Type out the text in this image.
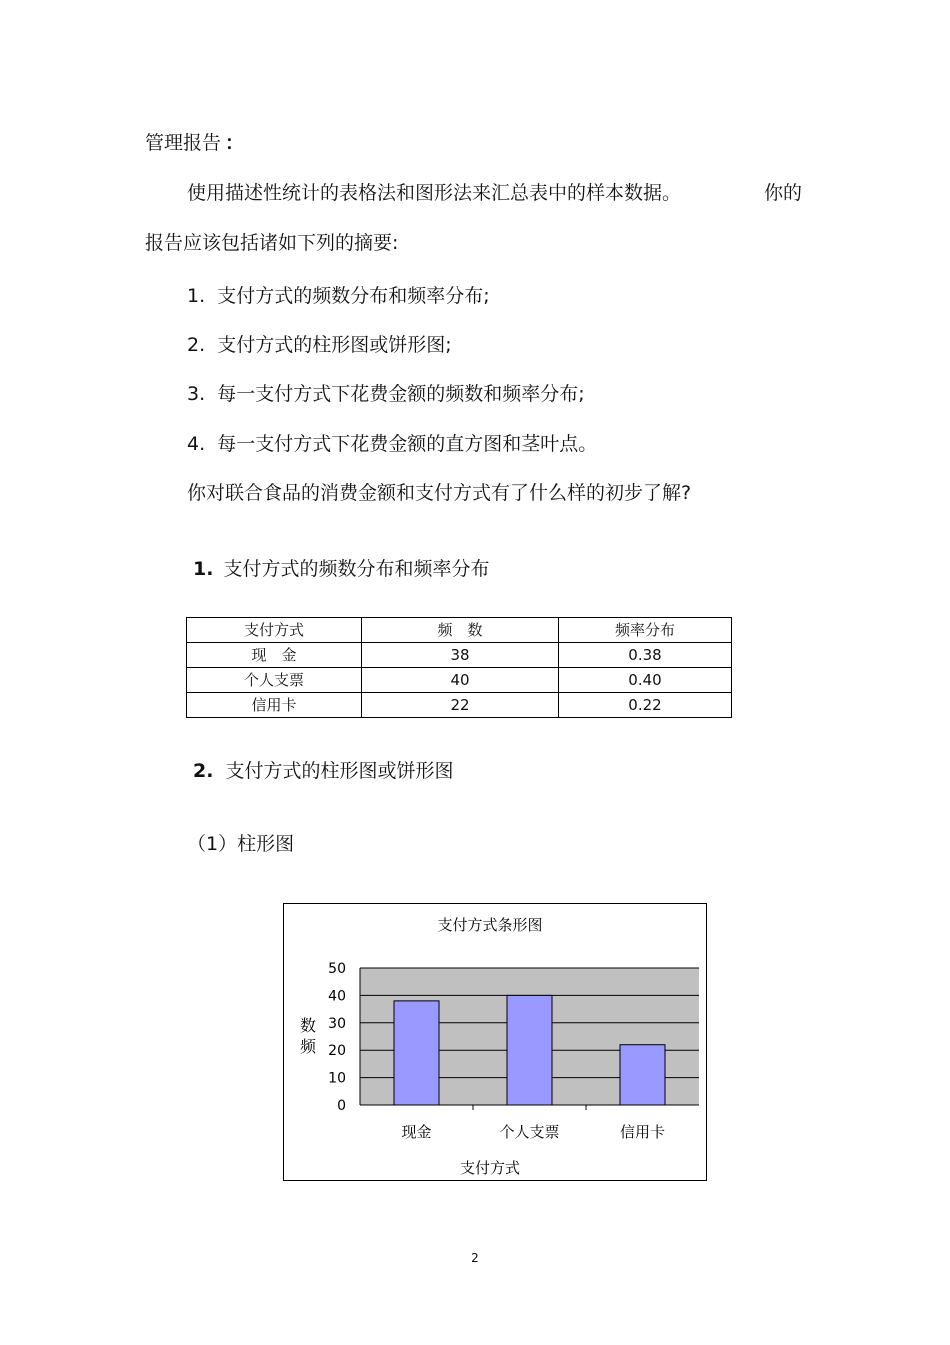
管理报告 ：
使用描述性统计的表格法和图形法来汇总表中的样本数据。	你的
报告应该包括诸如下列的摘要:
1. 支付方式的频数分布和频率分布;
2. 支付方式的柱形图或饼形图;
3. 每一支付方式下花费金额的频数和频率分布;
4. 每一支付方式下花费金额的直方图和茎叶点。
你对联合食品的消费金额和支付方式有了什么样的初步了解?
1. 支付方式的频数分布和频率分布
支付方式	频　数	频率分布
现　金	38	0.38
个人支票	40	0.40
信用卡	22	0.22
2. 支付方式的柱形图或饼形图
（1）柱形图
支付方式条形图
0
10
20
30
40
50
现金	个人支票	信用卡
支付方式
数
频
2
